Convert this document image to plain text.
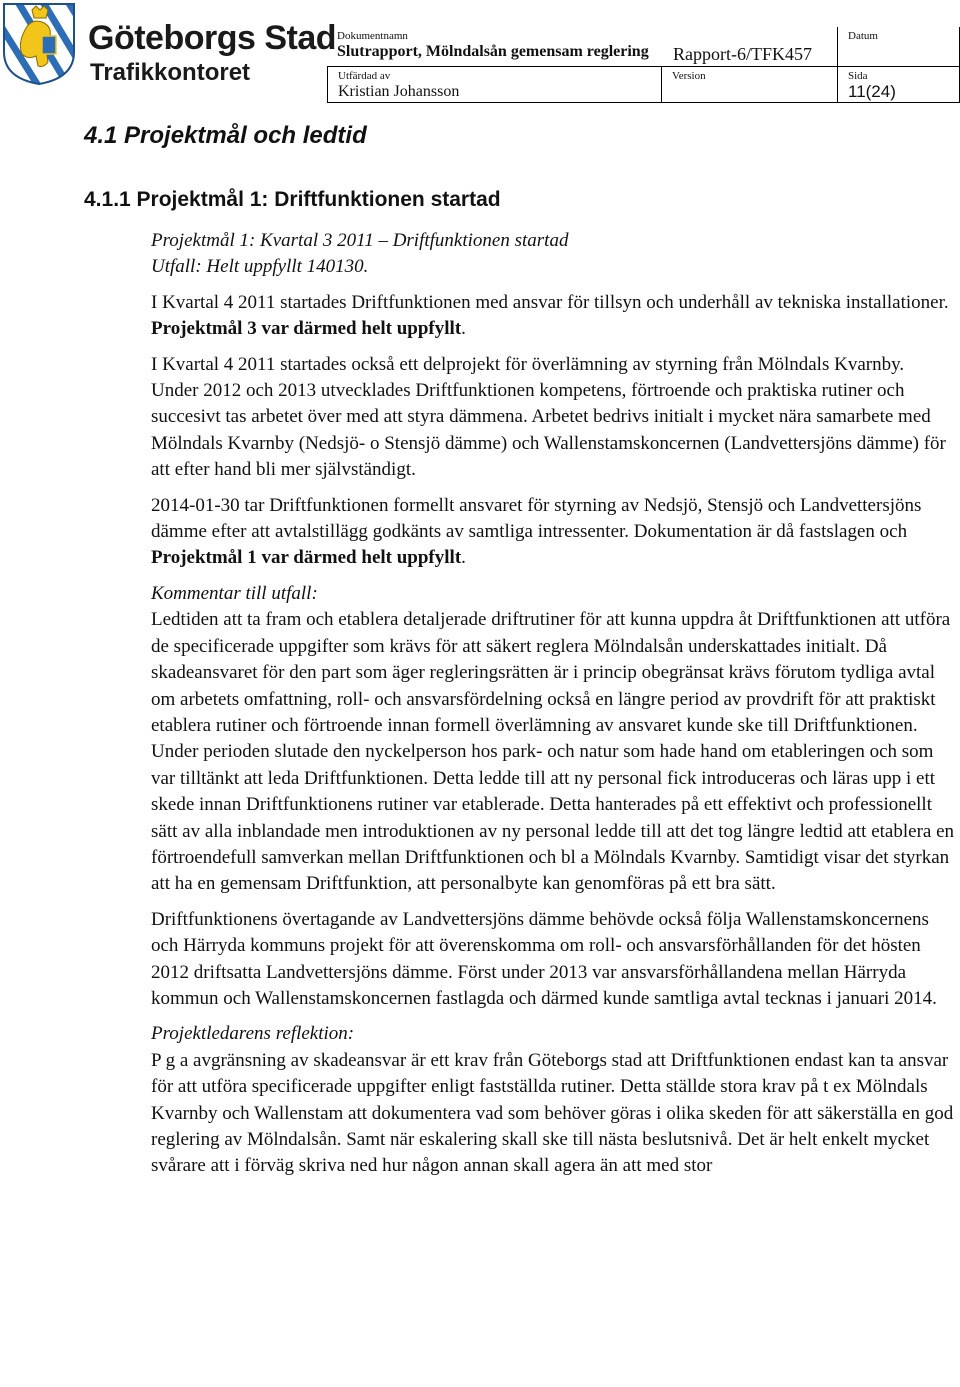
Göteborgs Stad
Trafikkontoret
Dokumentnamn
Slutrapport, Mölndalsån gemensam reglering Rapport-6/TFK457
Datum
Utfärdad av
Kristian Johansson
Version	Sida
11(24)
4.1 Projektmål och ledtid
4.1.1 Projektmål 1: Driftfunktionen startad

Projektmål 1: Kvartal 3 2011 – Driftfunktionen startad

Utfall: Helt uppfyllt 140130.

I Kvartal 4 2011 startades Driftfunktionen med ansvar för tillsyn och underhåll av tekniska installationer. Projektmål 3 var därmed helt uppfyllt.

I Kvartal 4 2011 startades också ett delprojekt för överlämning av styrning från Mölndals Kvarnby. Under 2012 och 2013 utvecklades Driftfunktionen kompetens, förtroende och praktiska rutiner och succesivt tas arbetet över med att styra dämmena. Arbetet bedrivs initialt i mycket nära samarbete med Mölndals Kvarnby (Nedsjö- o Stensjö dämme) och Wallenstamskoncernen (Landvettersjöns dämme) för att efter hand bli mer självständigt.

2014-01-30 tar Driftfunktionen formellt ansvaret för styrning av Nedsjö, Stensjö och Landvettersjöns dämme efter att avtalstillägg godkänts av samtliga intressenter. Dokumentation är då fastslagen och Projektmål 1 var därmed helt uppfyllt.

Kommentar till utfall:

Ledtiden att ta fram och etablera detaljerade driftrutiner för att kunna uppdra åt Driftfunktionen att utföra de specificerade uppgifter som krävs för att säkert reglera Mölndalsån underskattades initialt. Då skadeansvaret för den part som äger regleringsrätten är i princip obegränsat krävs förutom tydliga avtal om arbetets omfattning, roll- och ansvarsfördelning också en längre period av provdrift för att praktiskt etablera rutiner och förtroende innan formell överlämning av ansvaret kunde ske till Driftfunktionen. Under perioden slutade den nyckelperson hos park- och natur som hade hand om etableringen och som var tilltänkt att leda Driftfunktionen. Detta ledde till att ny personal fick introduceras och läras upp i ett skede innan Driftfunktionens rutiner var etablerade. Detta hanterades på ett effektivt och professionellt sätt av alla inblandade men introduktionen av ny personal ledde till att det tog längre ledtid att etablera en förtroendefull samverkan mellan Driftfunktionen och bl a Mölndals Kvarnby. Samtidigt visar det styrkan att ha en gemensam Driftfunktion, att personalbyte kan genomföras på ett bra sätt.

Driftfunktionens övertagande av Landvettersjöns dämme behövde också följa Wallenstamskoncernens och Härryda kommuns projekt för att överenskomma om roll- och ansvarsförhållanden för det hösten 2012 driftsatta Landvettersjöns dämme. Först under 2013 var ansvarsförhållandena mellan Härryda kommun och Wallenstamskoncernen fastlagda och därmed kunde samtliga avtal tecknas i januari 2014.

Projektledarens reflektion:

P g a avgränsning av skadeansvar är ett krav från Göteborgs stad att Driftfunktionen endast kan ta ansvar för att utföra specificerade uppgifter enligt fastställda rutiner. Detta ställde stora krav på t ex Mölndals Kvarnby och Wallenstam att dokumentera vad som behöver göras i olika skeden för att säkerställa en god reglering av Mölndalsån. Samt när eskalering skall ske till nästa beslutsnivå. Det är helt enkelt mycket svårare att i förväg skriva ned hur någon annan skall agera än att med stor
